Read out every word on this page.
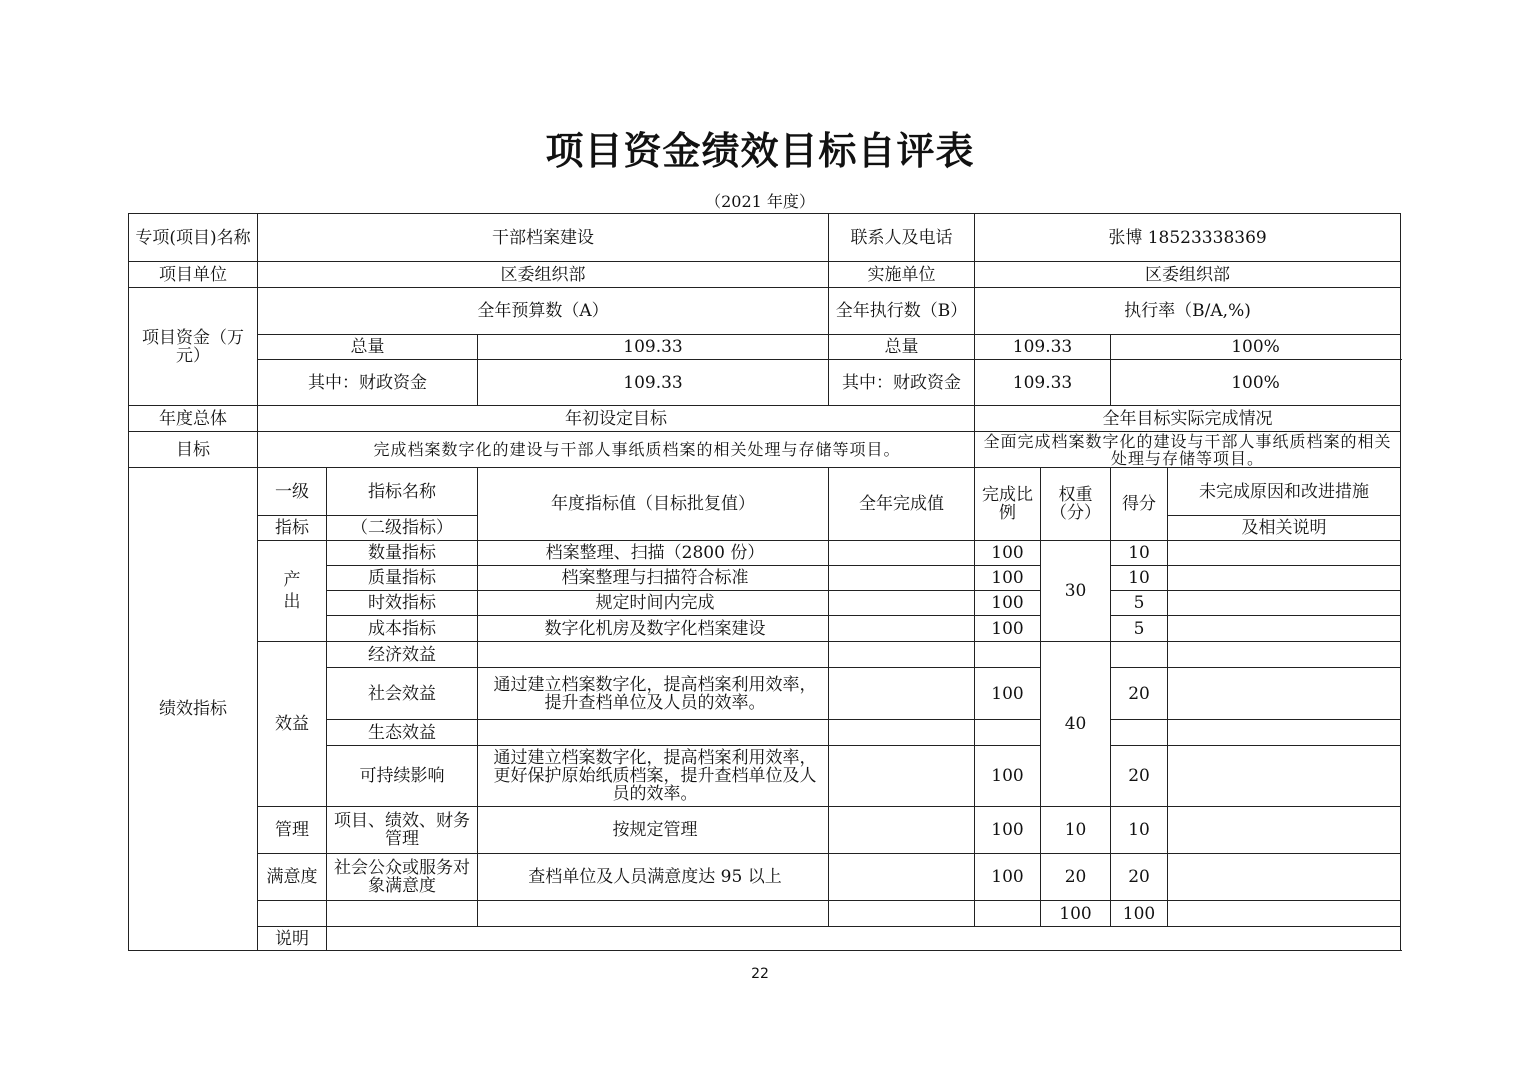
项目资金绩效目标自评表
（2021 年度）
专项(项目)名称	干部档案建设			联系人及电话	张博 18523338369			
项目单位	区委组织部			实施单位	区委组织部			
项目资金（万元）	全年预算数（A）			全年执行数（B）	执行率（B/A,%)			
	总量		109.33	总量	109.33		100%	
	其中：财政资金		109.33	其中：财政资金	109.33		100%	
年度总体	年初设定目标				全年目标实际完成情况			
目标	完成档案数字化的建设与干部人事纸质档案的相关处理与存储等项目。				全面完成档案数字化的建设与干部人事纸质档案的相关处理与存储等项目。			
绩效指标	一级	指标名称	年度指标值（目标批复值）	全年完成值	完成比例	权重（分）	得分	未完成原因和改进措施
	指标	（二级指标）						及相关说明
	产出	数量指标	档案整理、扫描（2800 份）		100	30	10	
		质量指标	档案整理与扫描符合标准		100		10	
		时效指标	规定时间内完成		100		5	
		成本指标	数字化机房及数字化档案建设		100		5	
	效益	经济效益				40		
		社会效益	通过建立档案数字化，提高档案利用效率，提升查档单位及人员的效率。		100		20	
		生态效益						
		可持续影响	通过建立档案数字化，提高档案利用效率，更好保护原始纸质档案，提升查档单位及人员的效率。		100		20	
	管理	项目、绩效、财务管理	按规定管理		100	10	10	
	满意度	社会公众或服务对象满意度	查档单位及人员满意度达 95 以上		100	20	20	
						100	100	
	说明							
22
